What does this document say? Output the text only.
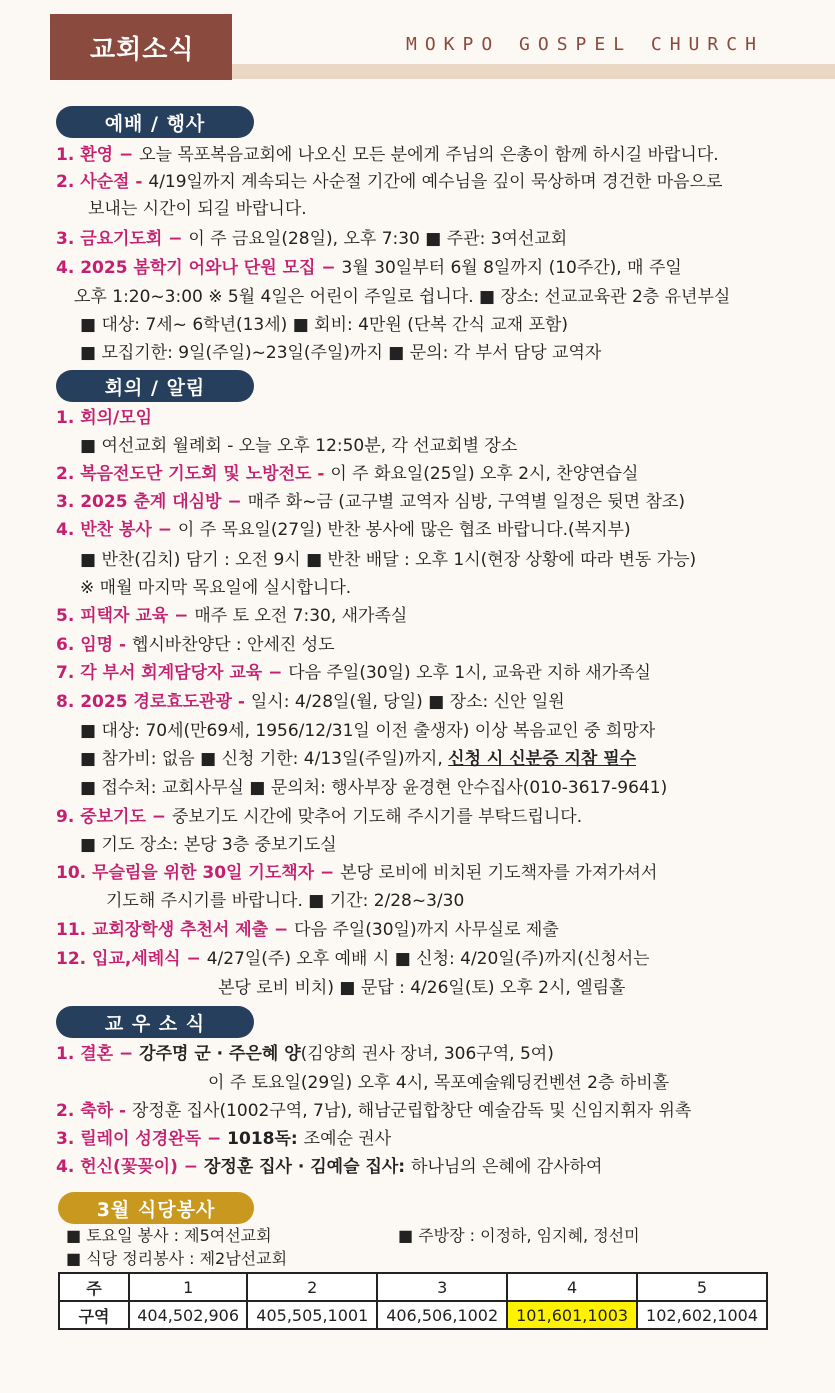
교회소식	MOKPO GOSPEL CHURCH
예배 / 행사
1. 환영 − 오늘 목포복음교회에 나오신 모든 분에게 주님의 은총이 함께 하시길 바랍니다.
2. 사순절 - 4/19일까지 계속되는 사순절 기간에 예수님을 깊이 묵상하며 경건한 마음으로
보내는 시간이 되길 바랍니다.
3. 금요기도회 − 이 주 금요일(28일), 오후 7:30 ■ 주관: 3여선교회
4. 2025 봄학기 어와나 단원 모집 − 3월 30일부터 6월 8일까지 (10주간), 매 주일
오후 1:20~3:00 ※ 5월 4일은 어린이 주일로 쉽니다. ■ 장소: 선교교육관 2층 유년부실
■ 대상: 7세~ 6학년(13세) ■ 회비: 4만원 (단복 간식 교재 포함)
■ 모집기한: 9일(주일)~23일(주일)까지 ■ 문의: 각 부서 담당 교역자
회의 / 알림
1. 회의/모임
■ 여선교회 월례회 - 오늘 오후 12:50분, 각 선교회별 장소
2. 복음전도단 기도회 및 노방전도 - 이 주 화요일(25일) 오후 2시, 찬양연습실
3. 2025 춘계 대심방 − 매주 화~금 (교구별 교역자 심방, 구역별 일정은 뒷면 참조)
4. 반찬 봉사 − 이 주 목요일(27일) 반찬 봉사에 많은 협조 바랍니다.(복지부)
■ 반찬(김치) 담기 : 오전 9시 ■ 반찬 배달 : 오후 1시(현장 상황에 따라 변동 가능)
※ 매월 마지막 목요일에 실시합니다.
5. 피택자 교육 − 매주 토 오전 7:30, 새가족실
6. 임명 - 헵시바찬양단 : 안세진 성도
7. 각 부서 회계담당자 교육 − 다음 주일(30일) 오후 1시, 교육관 지하 새가족실
8. 2025 경로효도관광 - 일시: 4/28일(월, 당일) ■ 장소: 신안 일원
■ 대상: 70세(만69세, 1956/12/31일 이전 출생자) 이상 복음교인 중 희망자
■ 참가비: 없음 ■ 신청 기한: 4/13일(주일)까지, 신청 시 신분증 지참 필수
■ 접수처: 교회사무실 ■ 문의처: 행사부장 윤경현 안수집사(010-3617-9641)
9. 중보기도 − 중보기도 시간에 맞추어 기도해 주시기를 부탁드립니다.
■ 기도 장소: 본당 3층 중보기도실
10. 무슬림을 위한 30일 기도책자 − 본당 로비에 비치된 기도책자를 가져가셔서
기도해 주시기를 바랍니다. ■ 기간: 2/28~3/30
11. 교회장학생 추천서 제출 − 다음 주일(30일)까지 사무실로 제출
12. 입교,세례식 − 4/27일(주) 오후 예배 시 ■ 신청: 4/20일(주)까지(신청서는
본당 로비 비치) ■ 문답 : 4/26일(토) 오후 2시, 엘림홀
교 우 소 식
1. 결혼 − 강주명 군 · 주은혜 양(김양희 권사 장녀, 306구역, 5여)
이 주 토요일(29일) 오후 4시, 목포예술웨딩컨벤션 2층 하비홀
2. 축하 - 장정훈 집사(1002구역, 7남), 해남군립합창단 예술감독 및 신임지휘자 위촉
3. 릴레이 성경완독 − 1018독: 조예순 권사
4. 헌신(꽃꽂이) − 장정훈 집사 · 김예슬 집사: 하나님의 은혜에 감사하여
3월 식당봉사
■ 토요일 봉사 : 제5여선교회	■ 주방장 : 이정하, 임지혜, 정선미
■ 식당 정리봉사 : 제2남선교회
주	1	2	3	4	5
구역	404,502,906	405,505,1001	406,506,1002	101,601,1003	102,602,1004
